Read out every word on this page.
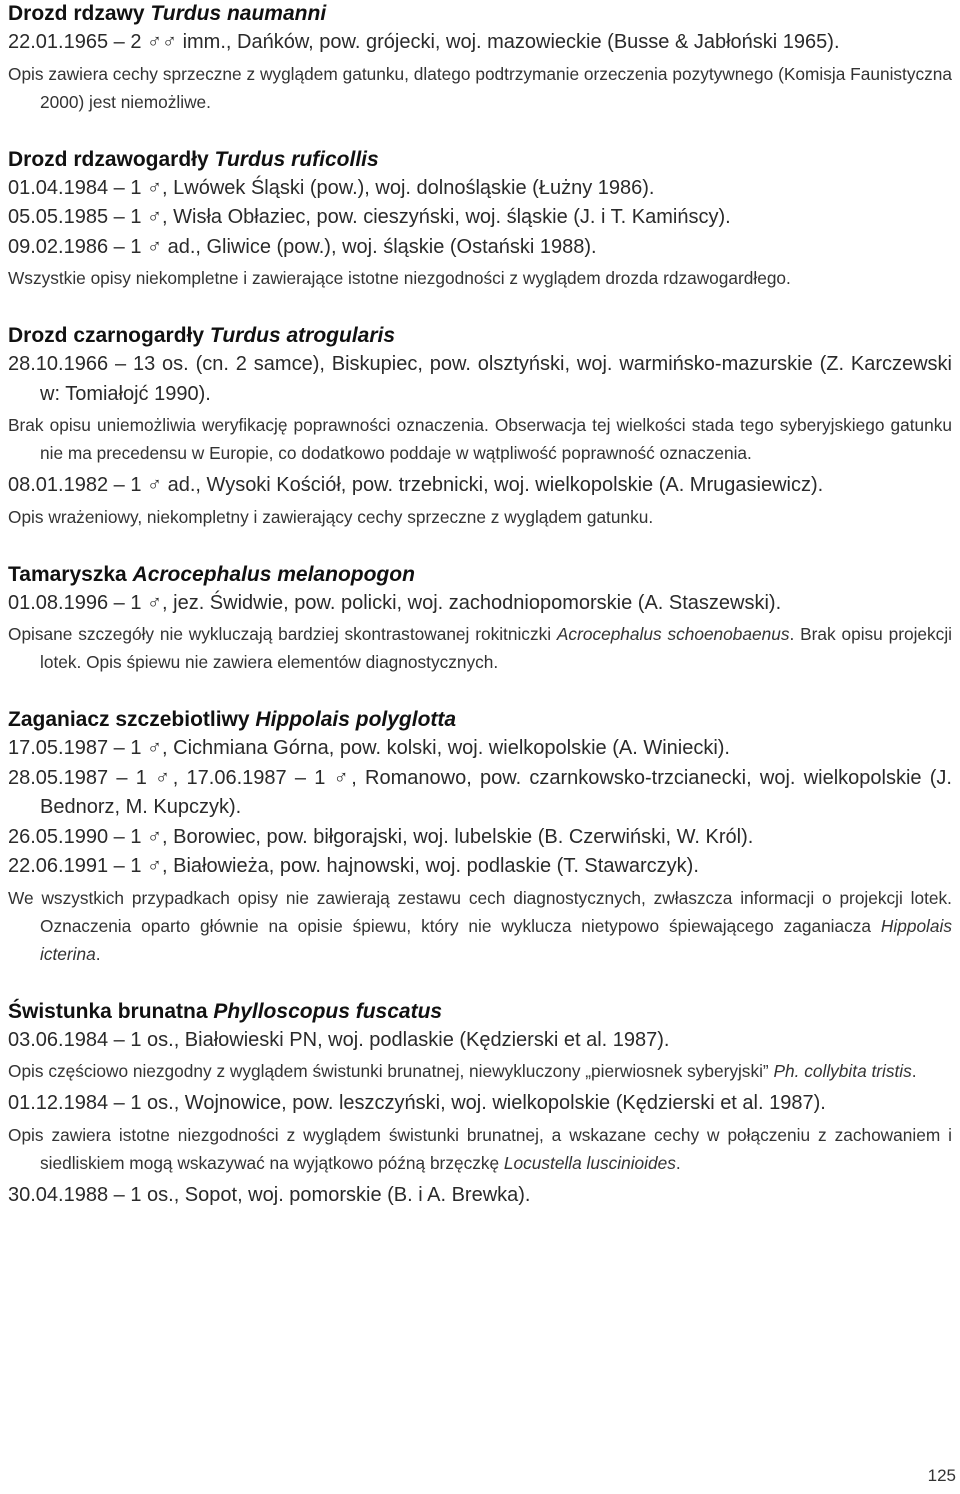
Drozd rdzawy Turdus naumanni
22.01.1965 – 2 ♂♂ imm., Dańków, pow. grójecki, woj. mazowieckie (Busse & Jabłoński 1965).
Opis zawiera cechy sprzeczne z wyglądem gatunku, dlatego podtrzymanie orzeczenia pozytywnego (Komisja Faunistyczna 2000) jest niemożliwe.
Drozd rdzawogardły Turdus ruficollis
01.04.1984 – 1 ♂, Lwówek Śląski (pow.), woj. dolnośląskie (Łużny 1986).
05.05.1985 – 1 ♂, Wisła Obłaziec, pow. cieszyński, woj. śląskie (J. i T. Kamińscy).
09.02.1986 – 1 ♂ ad., Gliwice (pow.), woj. śląskie (Ostański 1988).
Wszystkie opisy niekompletne i zawierające istotne niezgodności z wyglądem drozda rdzawogardłego.
Drozd czarnogardły Turdus atrogularis
28.10.1966 – 13 os. (cn. 2 samce), Biskupiec, pow. olsztyński, woj. warmińsko-mazurskie (Z. Karczewski w: Tomiałojć 1990).
Brak opisu uniemożliwia weryfikację poprawności oznaczenia. Obserwacja tej wielkości stada tego syberyjskiego gatunku nie ma precedensu w Europie, co dodatkowo poddaje w wątpliwość poprawność oznaczenia.
08.01.1982 – 1 ♂ ad., Wysoki Kościół, pow. trzebnicki, woj. wielkopolskie (A. Mrugasiewicz).
Opis wrażeniowy, niekompletny i zawierający cechy sprzeczne z wyglądem gatunku.
Tamaryszka Acrocephalus melanopogon
01.08.1996 – 1 ♂, jez. Świdwie, pow. policki, woj. zachodniopomorskie (A. Staszewski).
Opisane szczegóły nie wykluczają bardziej skontrastowanej rokitniczki Acrocephalus schoenobaenus. Brak opisu projekcji lotek. Opis śpiewu nie zawiera elementów diagnostycznych.
Zaganiacz szczebiotliwy Hippolais polyglotta
17.05.1987 – 1 ♂, Cichmiana Górna, pow. kolski, woj. wielkopolskie (A. Winiecki).
28.05.1987 – 1 ♂, 17.06.1987 – 1 ♂, Romanowo, pow. czarnkowsko-trzcianecki, woj. wielkopolskie (J. Bednorz, M. Kupczyk).
26.05.1990 – 1 ♂, Borowiec, pow. biłgorajski, woj. lubelskie (B. Czerwiński, W. Król).
22.06.1991 – 1 ♂, Białowieża, pow. hajnowski, woj. podlaskie (T. Stawarczyk).
We wszystkich przypadkach opisy nie zawierają zestawu cech diagnostycznych, zwłaszcza informacji o projekcji lotek. Oznaczenia oparto głównie na opisie śpiewu, który nie wyklucza nietypowo śpiewającego zaganiacza Hippolais icterina.
Świstunka brunatna Phylloscopus fuscatus
03.06.1984 – 1 os., Białowieski PN, woj. podlaskie (Kędzierski et al. 1987).
Opis częściowo niezgodny z wyglądem świstunki brunatnej, niewykluczony „pierwiosnek syberyjski” Ph. collybita tristis.
01.12.1984 – 1 os., Wojnowice, pow. leszczyński, woj. wielkopolskie (Kędzierski et al. 1987).
Opis zawiera istotne niezgodności z wyglądem świstunki brunatnej, a wskazane cechy w połączeniu z zachowaniem i siedliskiem mogą wskazywać na wyjątkowo późną brzęczkę Locustella luscinioides.
30.04.1988 – 1 os., Sopot, woj. pomorskie (B. i A. Brewka).
125
